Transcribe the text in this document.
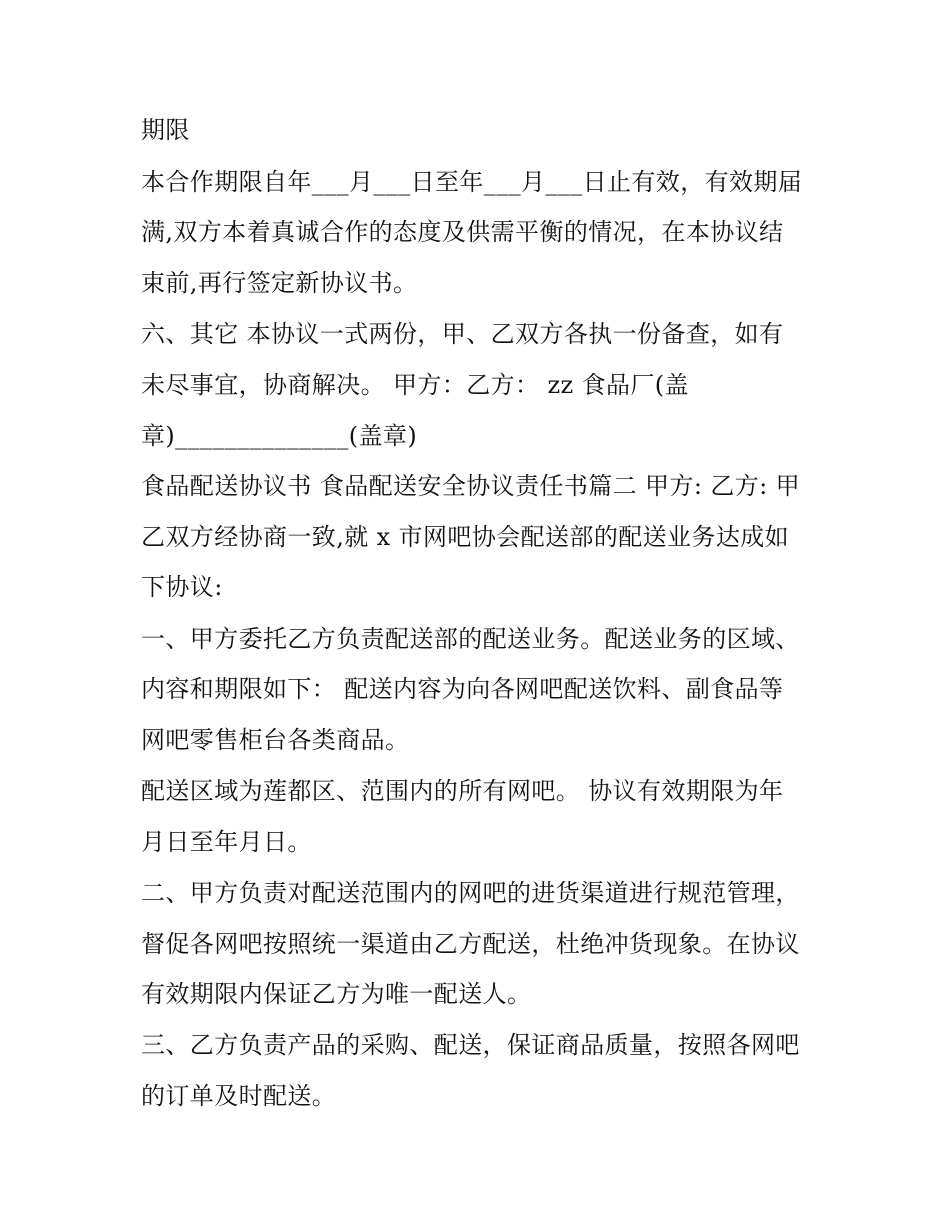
期限

本合作期限自年___月___日至年___月___日止有效，有效期届

满,双方本着真诚合作的态度及供需平衡的情况，在本协议结

束前,再行签定新协议书。

六、其它 本协议一式两份，甲、乙双方各执一份备查，如有

未尽事宜，协商解决。 甲方：乙方： zz 食品厂(盖

章)______________(盖章)

食品配送协议书 食品配送安全协议责任书篇二 甲方: 乙方: 甲

乙双方经协商一致,就 x 市网吧协会配送部的配送业务达成如

下协议:

一、甲方委托乙方负责配送部的配送业务。配送业务的区域、

内容和期限如下： 配送内容为向各网吧配送饮料、副食品等

网吧零售柜台各类商品。

配送区域为莲都区、范围内的所有网吧。 协议有效期限为年

月日至年月日。

二、甲方负责对配送范围内的网吧的进货渠道进行规范管理，

督促各网吧按照统一渠道由乙方配送，杜绝冲货现象。在协议

有效期限内保证乙方为唯一配送人。

三、乙方负责产品的采购、配送，保证商品质量，按照各网吧

的订单及时配送。
